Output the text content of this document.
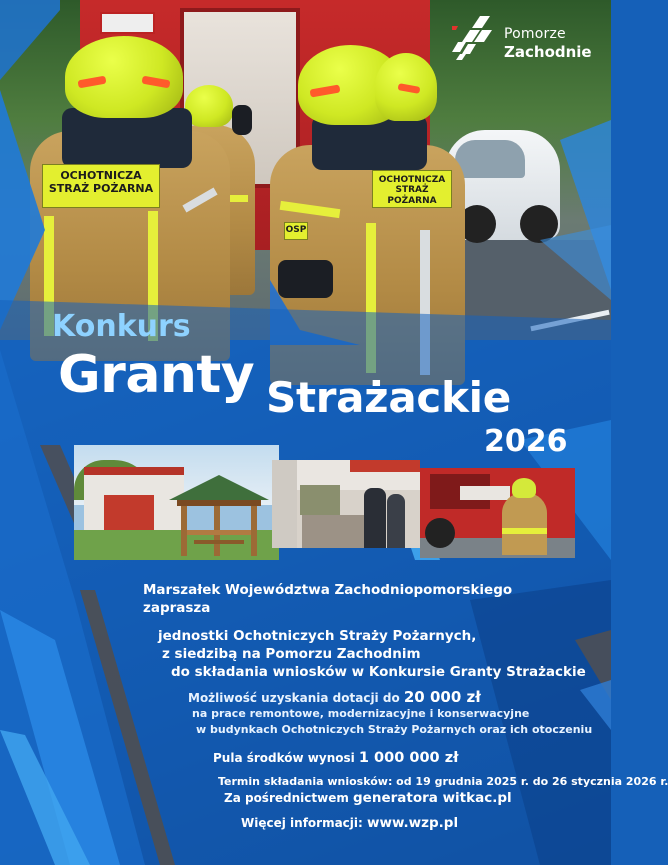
OCHOTNICZA
STRAŻ POŻARNA
OCHOTNICZA
STRAŻ POŻARNA
OSP
Pomorze
Zachodnie
Konkurs
Granty Strażackie
2026
Marszałek Województwa Zachodniopomorskiego
zaprasza
jednostki Ochotniczych Straży Pożarnych,
z siedzibą na Pomorzu Zachodnim
do składania wniosków w Konkursie Granty Strażackie
Możliwość uzyskania dotacji do 20 000 zł
na prace remontowe, modernizacyjne i konserwacyjne
w budynkach Ochotniczych Straży Pożarnych oraz ich otoczeniu
Pula środków wynosi 1 000 000 zł
Termin składania wniosków: od 19 grudnia 2025 r. do 26 stycznia 2026 r.
Za pośrednictwem generatora witkac.pl
Więcej informacji: www.wzp.pl
